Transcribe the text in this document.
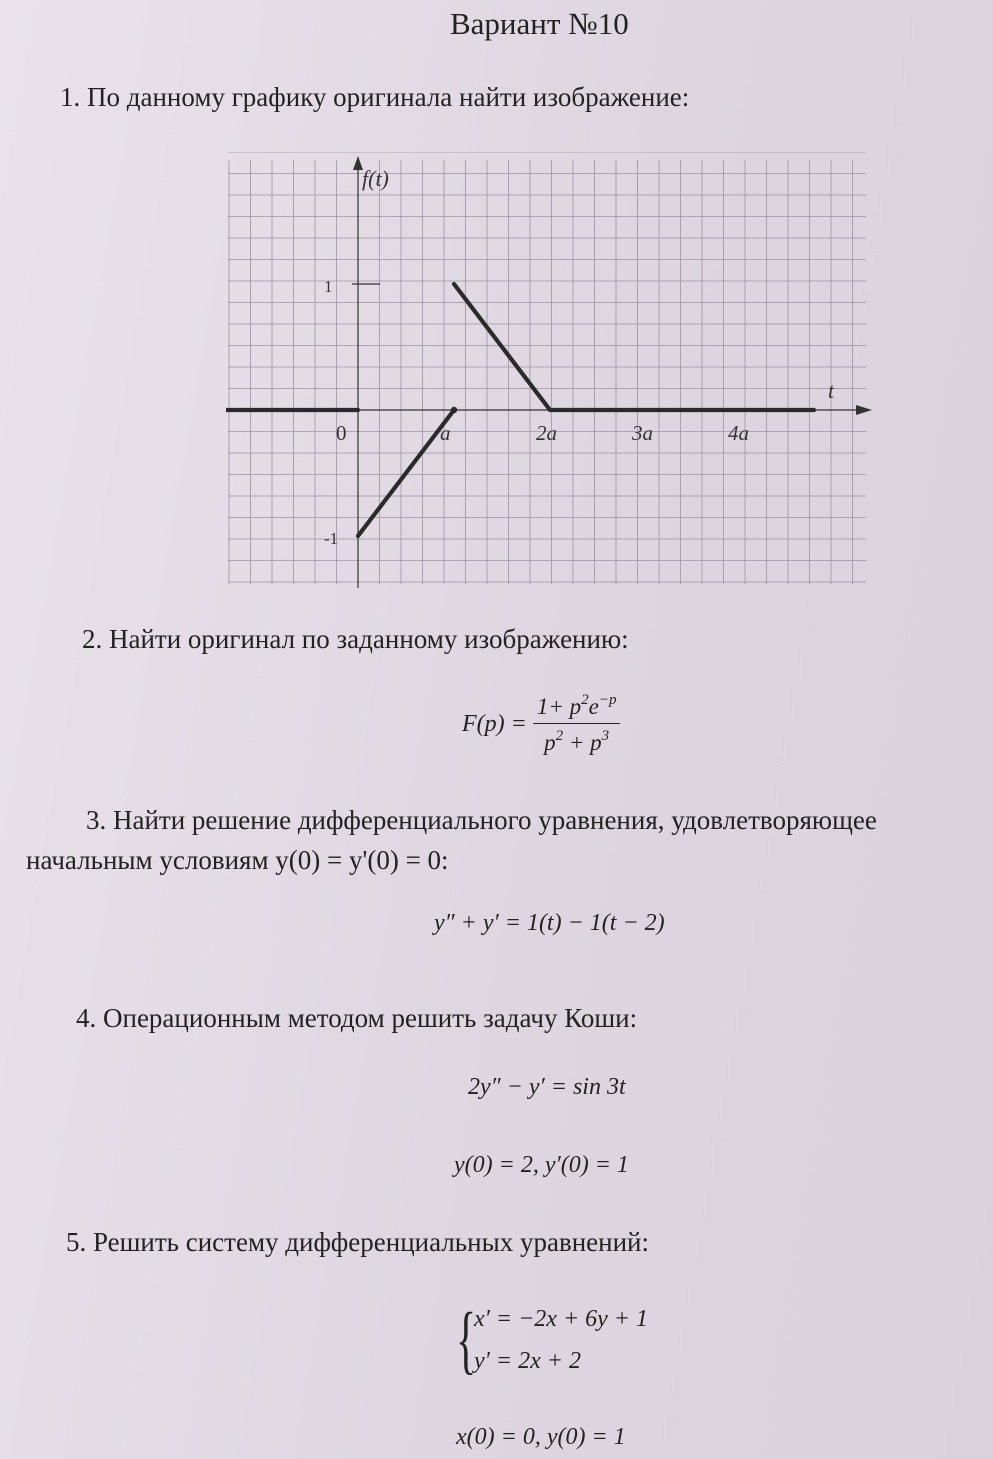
Вариант №10
1. По данному графику оригинала найти изображение:
f(t)
t
1
-1
0	a	2a	3a	4a
2. Найти оригинал по заданному изображению:
$F(p) = \frac{1+ p^2e^{-p}}{p^2 + p^3}$
3. Найти решение дифференциального уравнения, удовлетворяющее
начальным условиям y(0) = y'(0) = 0:
y″ + y′ = 1(t) − 1(t − 2)
4. Операционным методом решить задачу Коши:
2y″ − y′ = sin 3t
y(0) = 2, y′(0) = 1
5. Решить систему дифференциальных уравнений:
{
x′ = −2x + 6y + 1
y′ = 2x + 2
x(0) = 0, y(0) = 1
